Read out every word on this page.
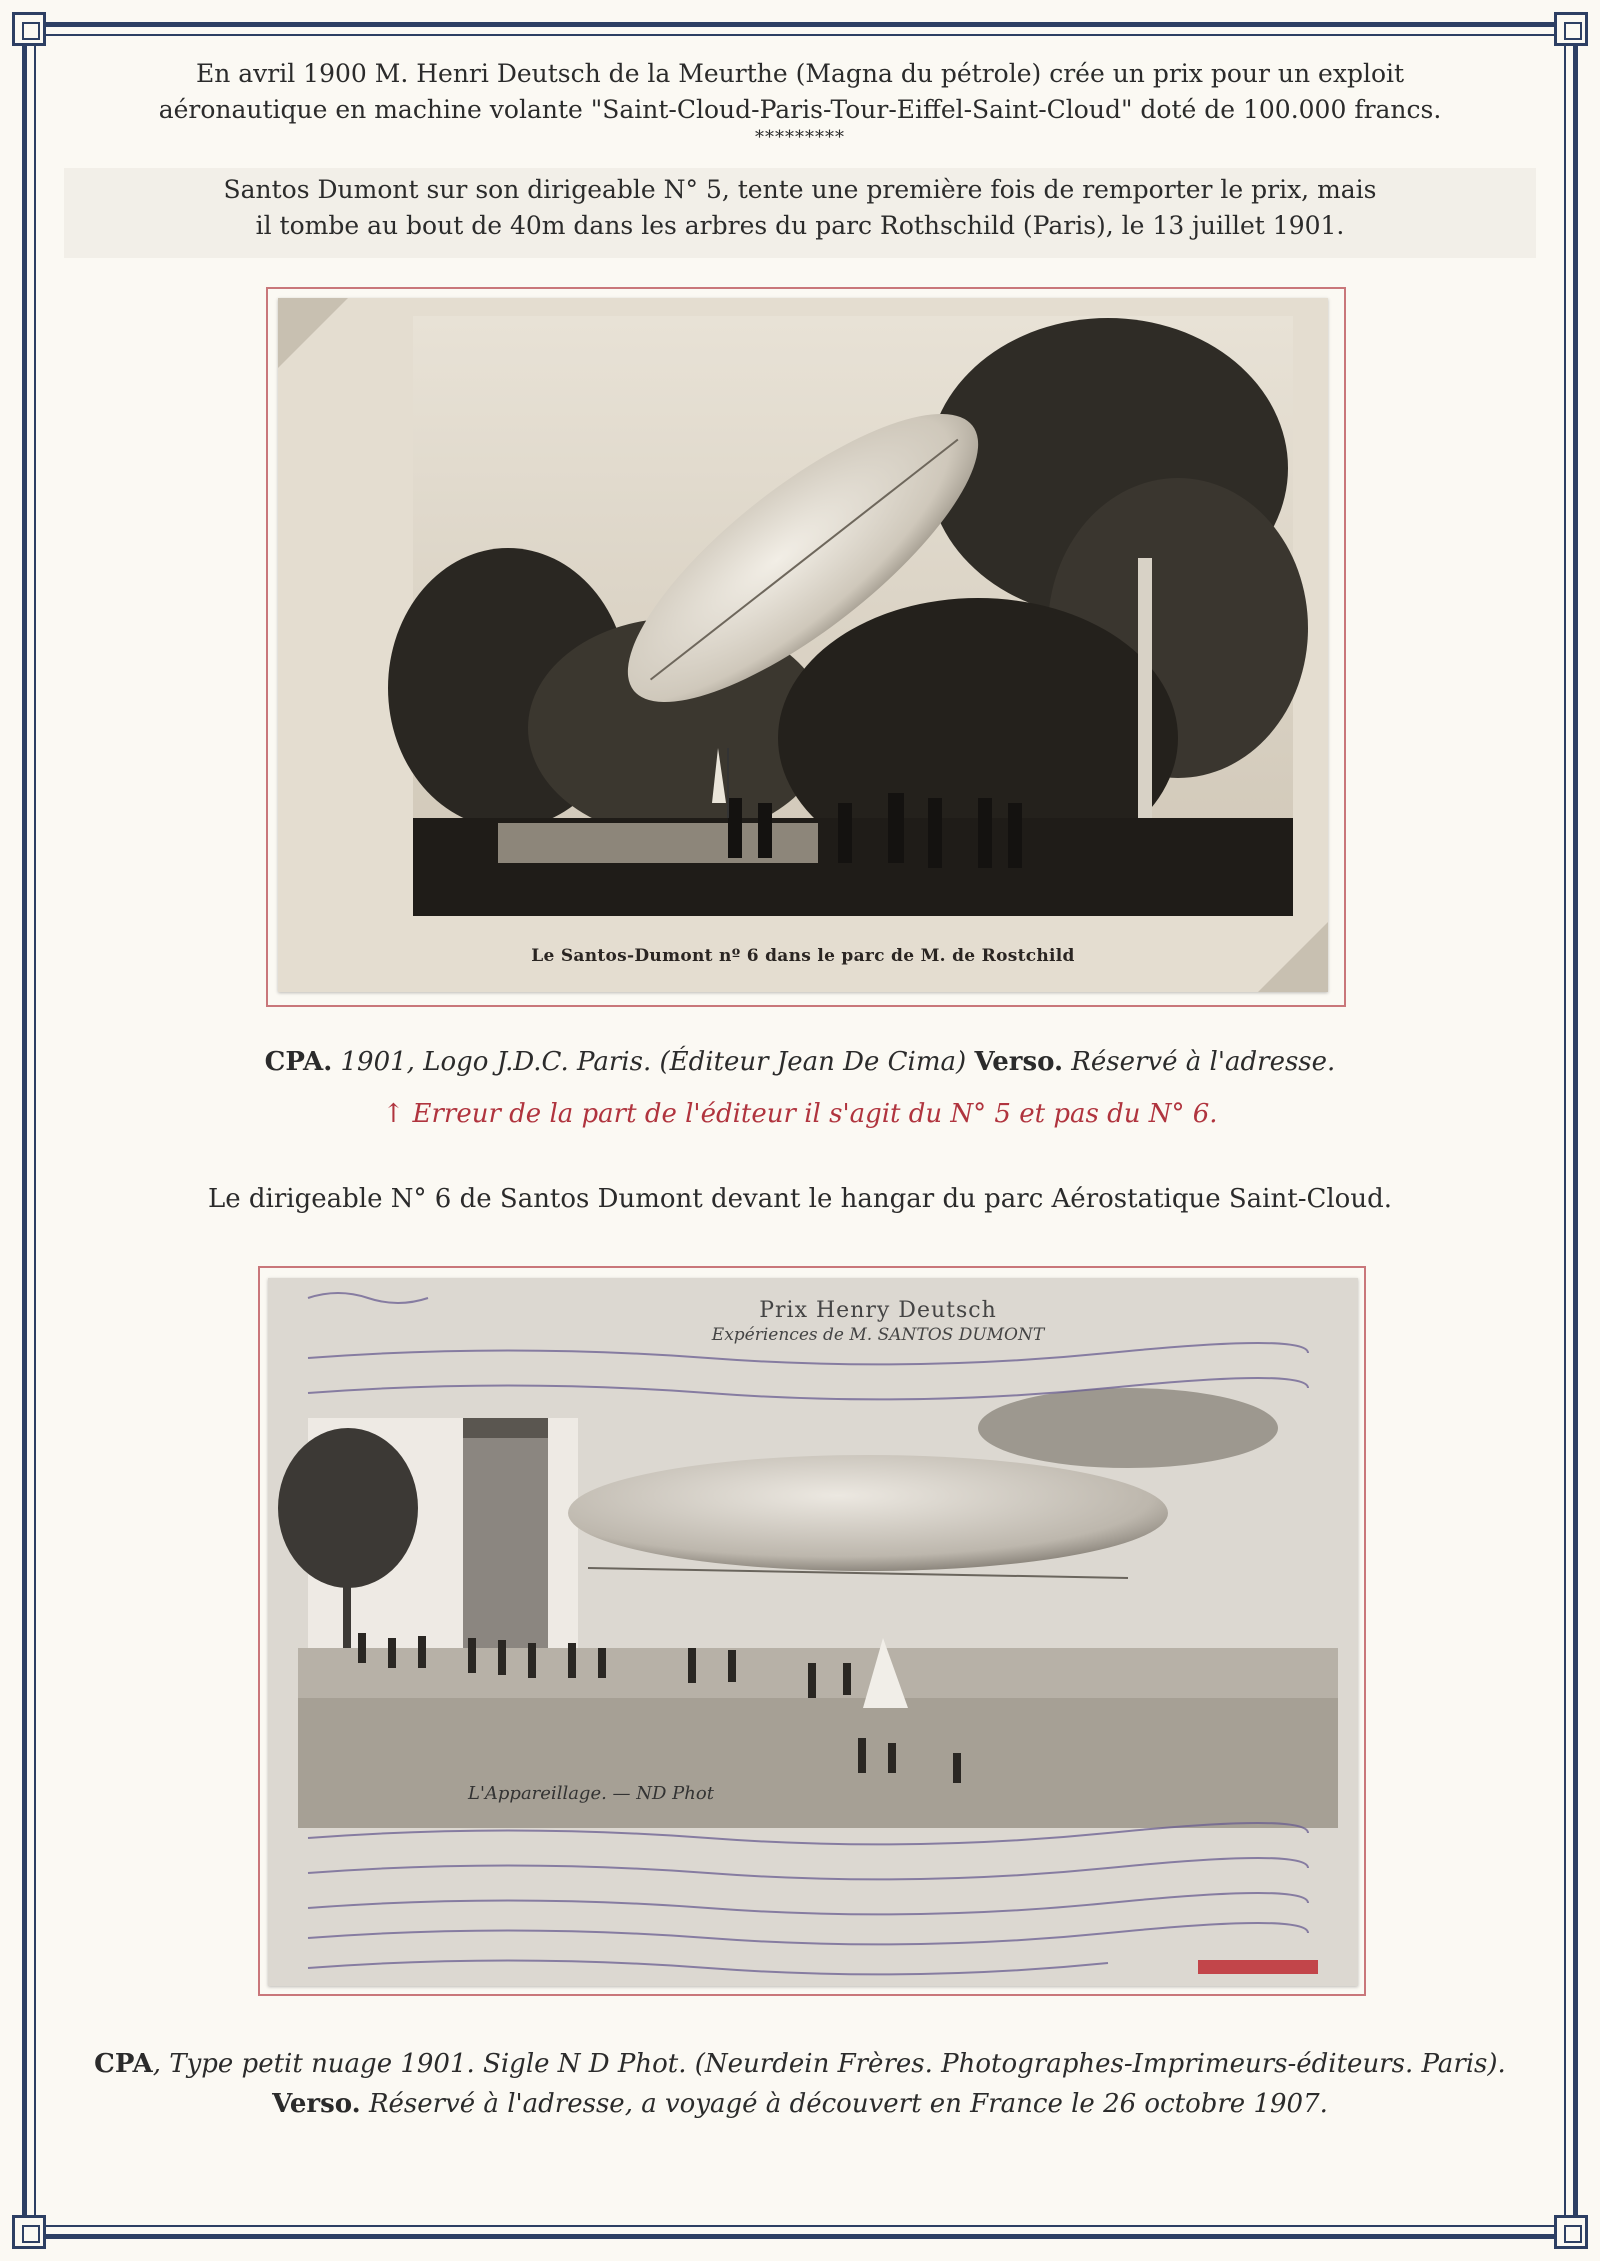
En avril 1900 M. Henri Deutsch de la Meurthe (Magna du pétrole) crée un prix pour un exploit
aéronautique en machine volante "Saint-Cloud-Paris-Tour-Eiffel-Saint-Cloud" doté de 100.000 francs.
*********
Santos Dumont sur son dirigeable N° 5, tente une première fois de remporter le prix, mais
il tombe au bout de 40m dans les arbres du parc Rothschild (Paris), le 13 juillet 1901.
Le Santos-Dumont nº 6 dans le parc de M. de Rostchild
CPA. 1901, Logo J.D.C. Paris. (Éditeur Jean De Cima) Verso. Réservé à l'adresse.
↑ Erreur de la part de l'éditeur il s'agit du N° 5 et pas du N° 6.
Le dirigeable N° 6 de Santos Dumont devant le hangar du parc Aérostatique Saint-Cloud.
Prix Henry Deutsch
Expériences de M. SANTOS DUMONT
L'Appareillage. — ND Phot
CPA, Type petit nuage 1901. Sigle N D Phot. (Neurdein Frères. Photographes-Imprimeurs-éditeurs. Paris).
Verso. Réservé à l'adresse, a voyagé à découvert en France le 26 octobre 1907.
